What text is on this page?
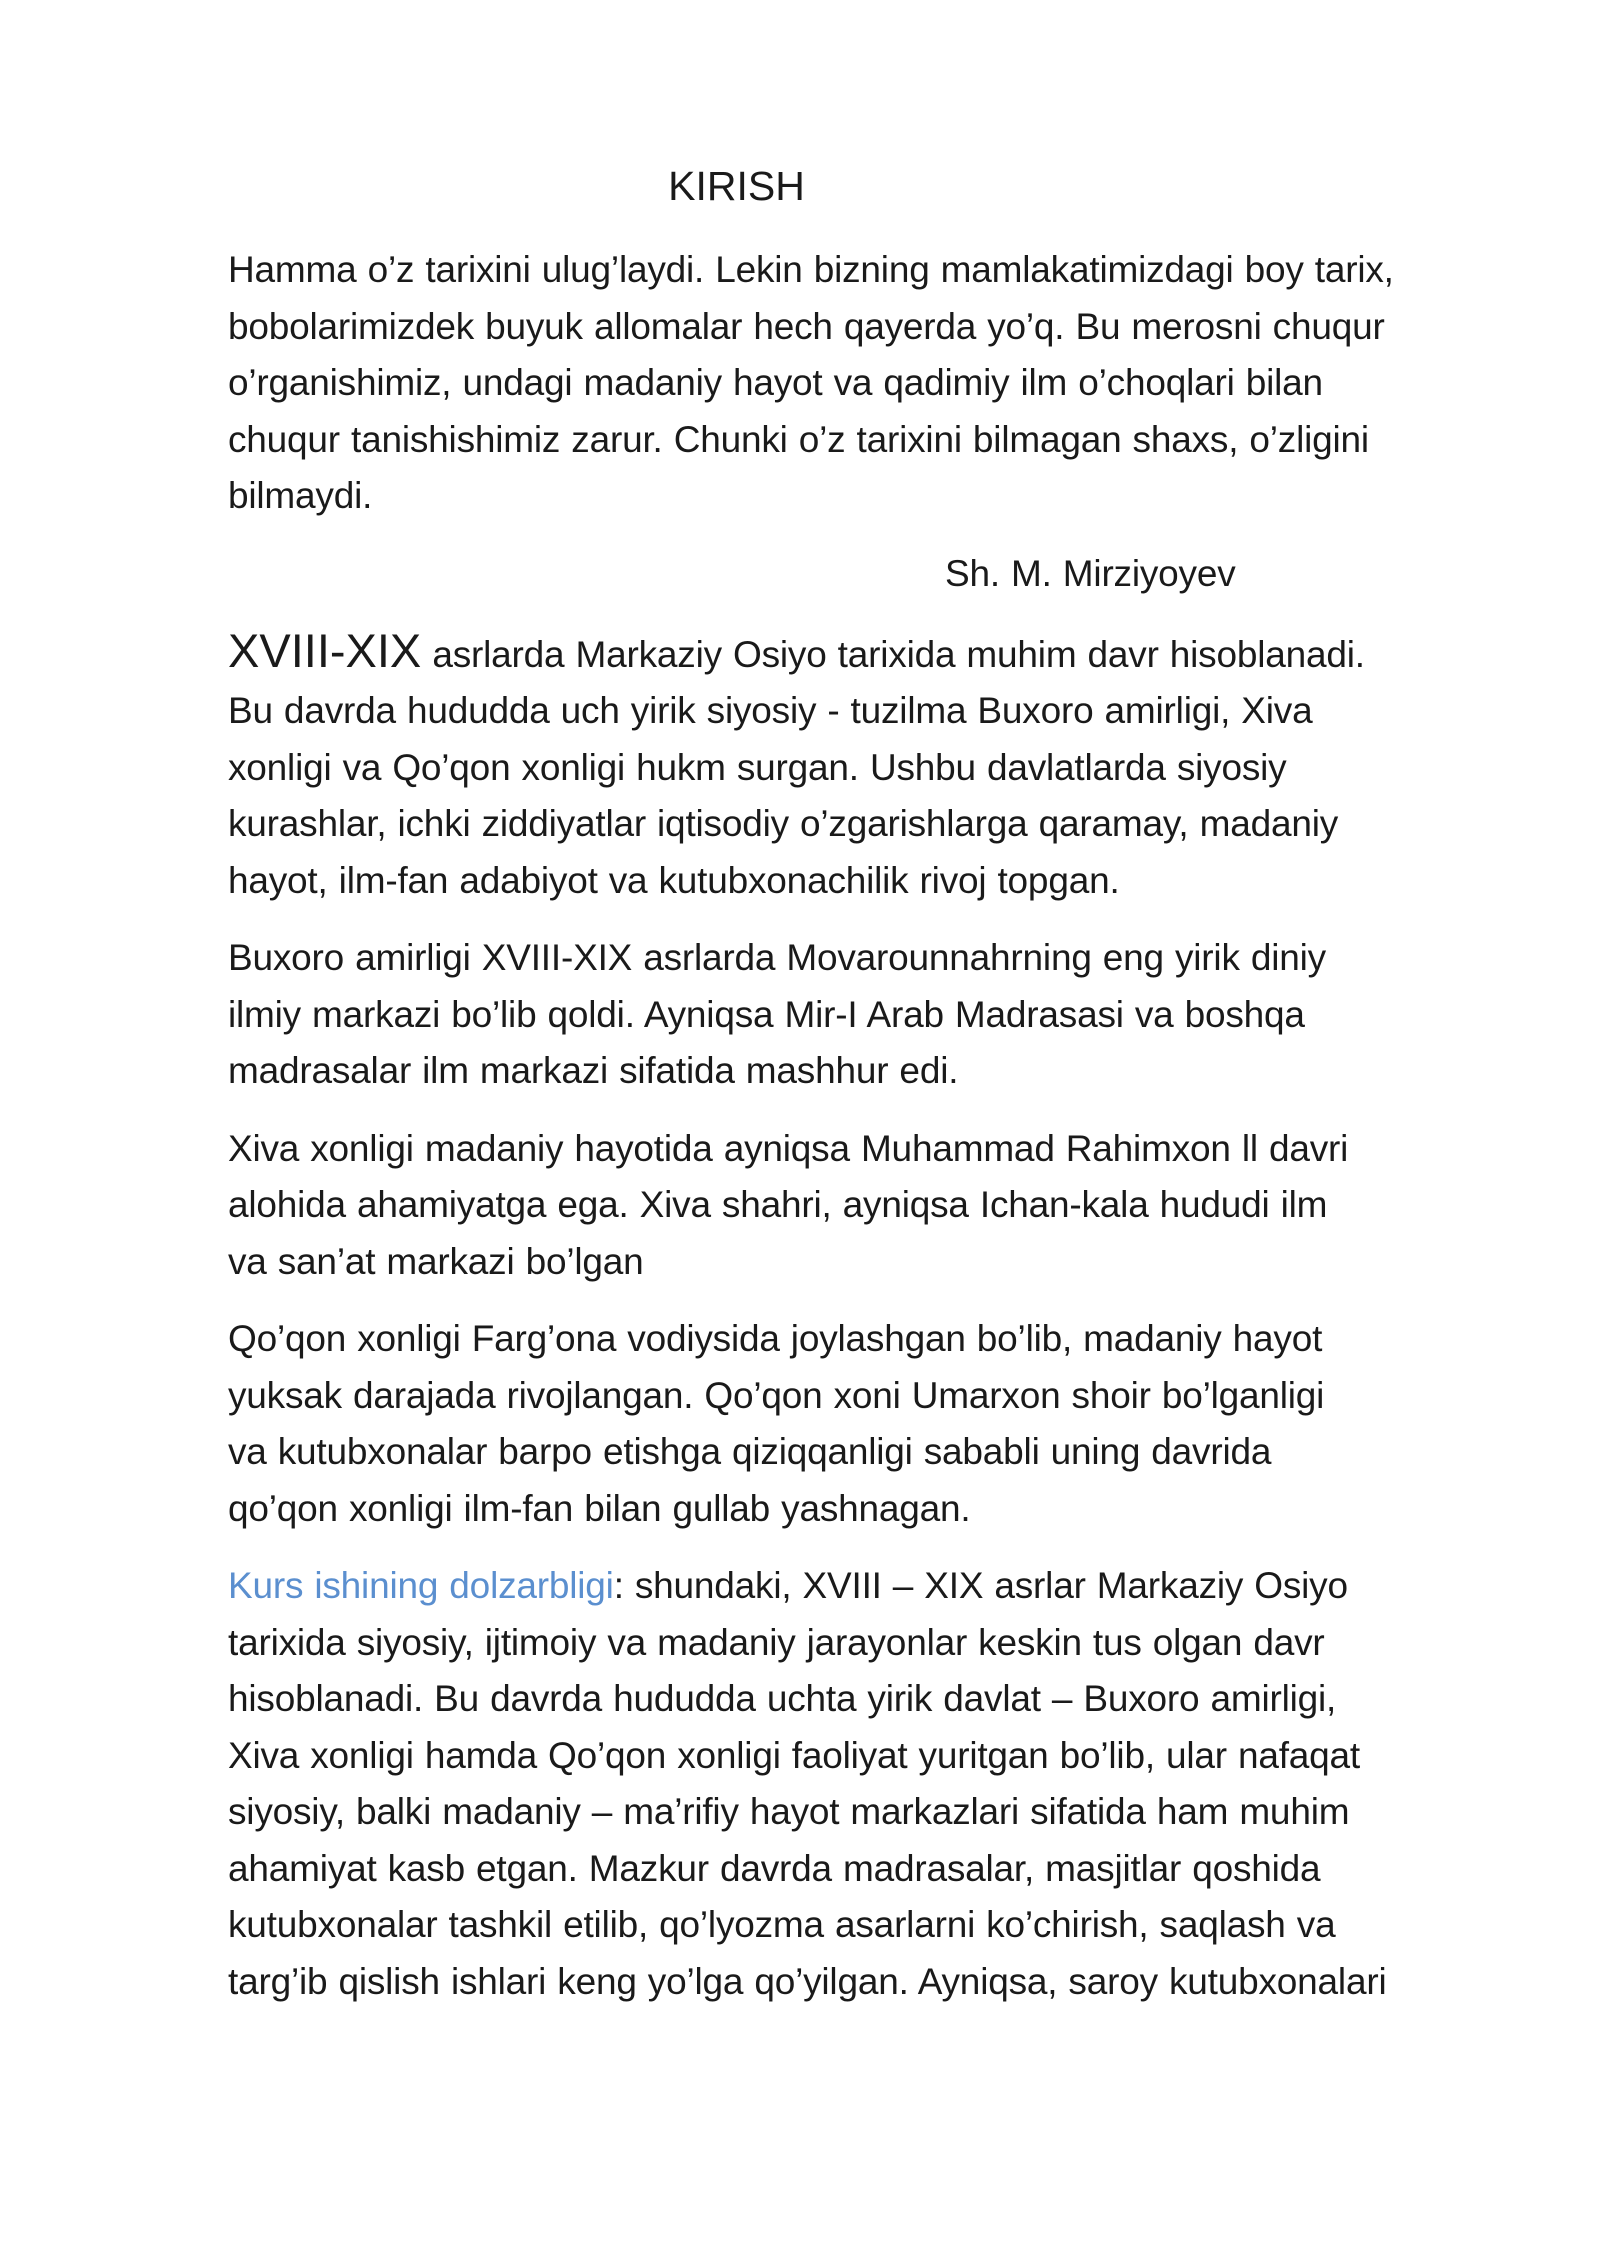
KIRISH
Hamma o’z tarixini ulug’laydi. Lekin bizning mamlakatimizdagi boy tarix,
bobolarimizdek buyuk allomalar hech qayerda yo’q. Bu merosni chuqur
o’rganishimiz, undagi madaniy hayot va qadimiy ilm o’choqlari bilan
chuqur tanishishimiz zarur. Chunki o’z tarixini bilmagan shaxs, o’zligini
bilmaydi.
Sh. M. Mirziyoyev
XVIII-XIX asrlarda Markaziy Osiyo tarixida muhim davr hisoblanadi.
Bu davrda hududda uch yirik siyosiy - tuzilma Buxoro amirligi, Xiva
xonligi va Qo’qon xonligi hukm surgan. Ushbu davlatlarda siyosiy
kurashlar, ichki ziddiyatlar iqtisodiy o’zgarishlarga qaramay, madaniy
hayot, ilm-fan adabiyot va kutubxonachilik rivoj topgan.
Buxoro amirligi XVIII-XIX asrlarda Movarounnahrning eng yirik diniy
ilmiy markazi bo’lib qoldi. Ayniqsa Mir-I Arab Madrasasi va boshqa
madrasalar ilm markazi sifatida mashhur edi.
Xiva xonligi madaniy hayotida ayniqsa Muhammad Rahimxon ll davri
alohida ahamiyatga ega. Xiva shahri, ayniqsa Ichan-kala hududi ilm
va san’at markazi bo’lgan
Qo’qon xonligi Farg’ona vodiysida joylashgan bo’lib, madaniy hayot
yuksak darajada rivojlangan. Qo’qon xoni Umarxon shoir bo’lganligi
va kutubxonalar barpo etishga qiziqqanligi sababli uning davrida
qo’qon xonligi ilm-fan bilan gullab yashnagan.
Kurs ishining dolzarbligi: shundaki, XVIII – XIX asrlar Markaziy Osiyo
tarixida siyosiy, ijtimoiy va madaniy jarayonlar keskin tus olgan davr
hisoblanadi. Bu davrda hududda uchta yirik davlat – Buxoro amirligi,
Xiva xonligi hamda Qo’qon xonligi faoliyat yuritgan bo’lib, ular nafaqat
siyosiy, balki madaniy – ma’rifiy hayot markazlari sifatida ham muhim
ahamiyat kasb etgan. Mazkur davrda madrasalar, masjitlar qoshida
kutubxonalar tashkil etilib, qo’lyozma asarlarni ko’chirish, saqlash va
targ’ib qislish ishlari keng yo’lga qo’yilgan. Ayniqsa, saroy kutubxonalari
